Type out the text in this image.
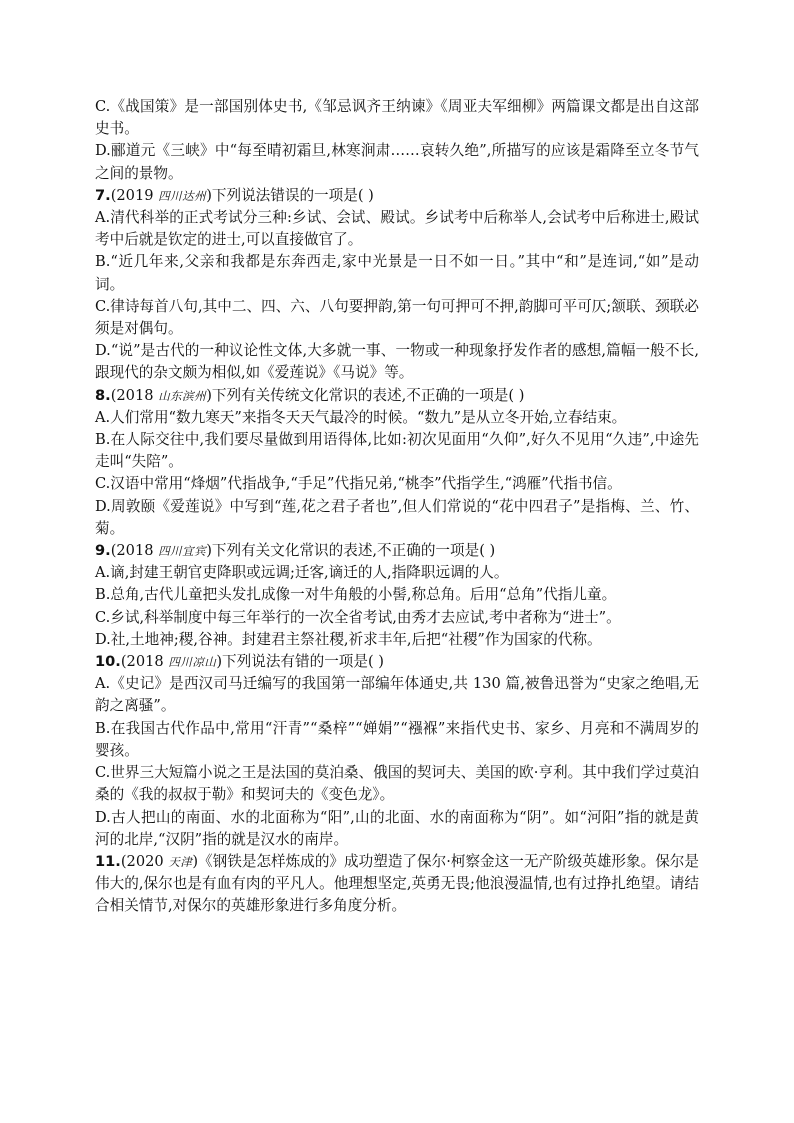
C.《战国策》是一部国别体史书,《邹忌讽齐王纳谏》《周亚夫军细柳》两篇课文都是出自这部史书。

D.郦道元《三峡》中“每至晴初霜旦,林寒涧肃……哀转久绝”,所描写的应该是霜降至立冬节气之间的景物。

7.(2019 四川达州)下列说法错误的一项是( )

A.清代科举的正式考试分三种:乡试、会试、殿试。乡试考中后称举人,会试考中后称进士,殿试考中后就是钦定的进士,可以直接做官了。

B.“近几年来,父亲和我都是东奔西走,家中光景是一日不如一日。”其中“和”是连词,“如”是动词。

C.律诗每首八句,其中二、四、六、八句要押韵,第一句可押可不押,韵脚可平可仄;颔联、颈联必须是对偶句。

D.“说”是古代的一种议论性文体,大多就一事、一物或一种现象抒发作者的感想,篇幅一般不长,跟现代的杂文颇为相似,如《爱莲说》《马说》等。

8.(2018 山东滨州)下列有关传统文化常识的表述,不正确的一项是( )

A.人们常用“数九寒天”来指冬天天气最冷的时候。“数九”是从立冬开始,立春结束。

B.在人际交往中,我们要尽量做到用语得体,比如:初次见面用“久仰”,好久不见用“久违”,中途先走叫“失陪”。

C.汉语中常用“烽烟”代指战争,“手足”代指兄弟,“桃李”代指学生,“鸿雁”代指书信。

D.周敦颐《爱莲说》中写到“莲,花之君子者也”,但人们常说的“花中四君子”是指梅、兰、竹、菊。

9.(2018 四川宜宾)下列有关文化常识的表述,不正确的一项是( )

A.谪,封建王朝官吏降职或远调;迁客,谪迁的人,指降职远调的人。

B.总角,古代儿童把头发扎成像一对牛角般的小髻,称总角。后用“总角”代指儿童。

C.乡试,科举制度中每三年举行的一次全省考试,由秀才去应试,考中者称为“进士”。

D.社,土地神;稷,谷神。封建君主祭社稷,祈求丰年,后把“社稷”作为国家的代称。

10.(2018 四川凉山)下列说法有错的一项是( )

A.《史记》是西汉司马迁编写的我国第一部编年体通史,共 130 篇,被鲁迅誉为“史家之绝唱,无韵之离骚”。

B.在我国古代作品中,常用“汗青”“桑梓”“婵娟”“襁褓”来指代史书、家乡、月亮和不满周岁的婴孩。

C.世界三大短篇小说之王是法国的莫泊桑、俄国的契诃夫、美国的欧·亨利。其中我们学过莫泊桑的《我的叔叔于勒》和契诃夫的《变色龙》。

D.古人把山的南面、水的北面称为“阳”,山的北面、水的南面称为“阴”。如“河阳”指的就是黄河的北岸,“汉阴”指的就是汉水的南岸。

11.(2020 天津)《钢铁是怎样炼成的》成功塑造了保尔·柯察金这一无产阶级英雄形象。保尔是伟大的,保尔也是有血有肉的平凡人。他理想坚定,英勇无畏;他浪漫温情,也有过挣扎绝望。请结合相关情节,对保尔的英雄形象进行多角度分析。
